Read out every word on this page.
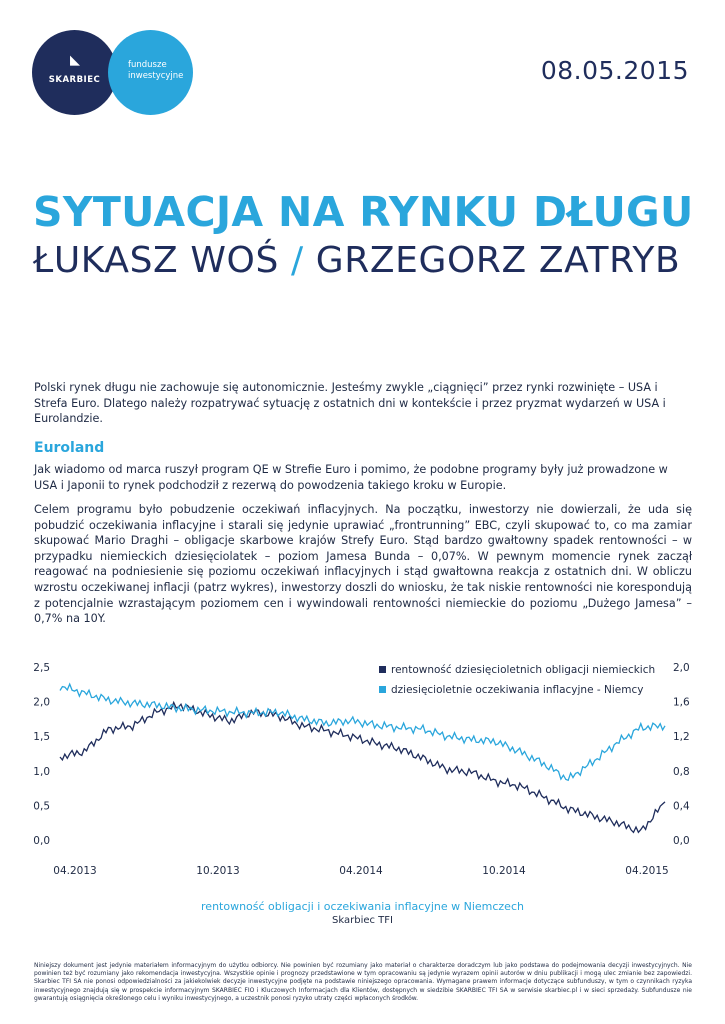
◣
SKARBIEC
fundusze
inwestycyjne	08.05.2015
SYTUACJA NA RYNKU DŁUGU
ŁUKASZ WOŚ / GRZEGORZ ZATRYB
Polski rynek długu nie zachowuje się autonomicznie. Jesteśmy zwykle „ciągnięci” przez rynki rozwinięte – USA i Strefa Euro. Dlatego należy rozpatrywać sytuację z ostatnich dni w kontekście i przez pryzmat wydarzeń w USA i Eurolandzie.
Euroland
Jak wiadomo od marca ruszył program QE w Strefie Euro i pomimo, że podobne programy były już prowadzone w USA i Japonii to rynek podchodził z rezerwą do powodzenia takiego kroku w Europie.
Celem programu było pobudzenie oczekiwań inflacyjnych. Na początku, inwestorzy nie dowierzali, że uda się pobudzić oczekiwania inflacyjne i starali się jedynie uprawiać „frontrunning” EBC, czyli skupować to, co ma zamiar skupować Mario Draghi – obligacje skarbowe krajów Strefy Euro. Stąd bardzo gwałtowny spadek rentowności – w przypadku niemieckich dziesięciolatek – poziom Jamesa Bunda – 0,07%. W pewnym momencie rynek zaczął reagować na podniesienie się poziomu oczekiwań inflacyjnych i stąd gwałtowna reakcja z ostatnich dni. W obliczu wzrostu oczekiwanej inflacji (patrz wykres), inwestorzy doszli do wniosku, że tak niskie rentowności nie korespondują z potencjalnie wzrastającym poziomem cen i wywindowali rentowności niemieckie do poziomu „Dużego Jamesa” – 0,7% na 10Y.
2,5
2,0
1,5
1,0
0,5
0,0
2,0
1,6
1,2
0,8
0,4
0,0
04.2013	10.2013	04.2014	10.2014	04.2015
rentowność dziesięcioletnich obligacji niemieckich
dziesięcioletnie oczekiwania inflacyjne - Niemcy
rentowność obligacji i oczekiwania inflacyjne w Niemczech
Skarbiec TFI
Niniejszy dokument jest jedynie materiałem informacyjnym do użytku odbiorcy. Nie powinien być rozumiany jako materiał o charakterze doradczym lub jako podstawa do podejmowania decyzji inwestycyjnych. Nie powinien też być rozumiany jako rekomendacja inwestycyjna. Wszystkie opinie i prognozy przedstawione w tym opracowaniu są jedynie wyrazem opinii autorów w dniu publikacji i mogą ulec zmianie bez zapowiedzi. Skarbiec TFI SA nie ponosi odpowiedzialności za jakiekolwiek decyzje inwestycyjne podjęte na podstawie niniejszego opracowania. Wymagane prawem informacje dotyczące subfunduszy, w tym o czynnikach ryzyka inwestycyjnego znajdują się w prospekcie informacyjnym SKARBIEC FIO i Kluczowych Informacjach dla Klientów, dostępnych w siedzibie SKARBIEC TFI SA w serwisie skarbiec.pl i w sieci sprzedaży. Subfundusze nie gwarantują osiągnięcia określonego celu i wyniku inwestycyjnego, a uczestnik ponosi ryzyko utraty części wpłaconych środków.
